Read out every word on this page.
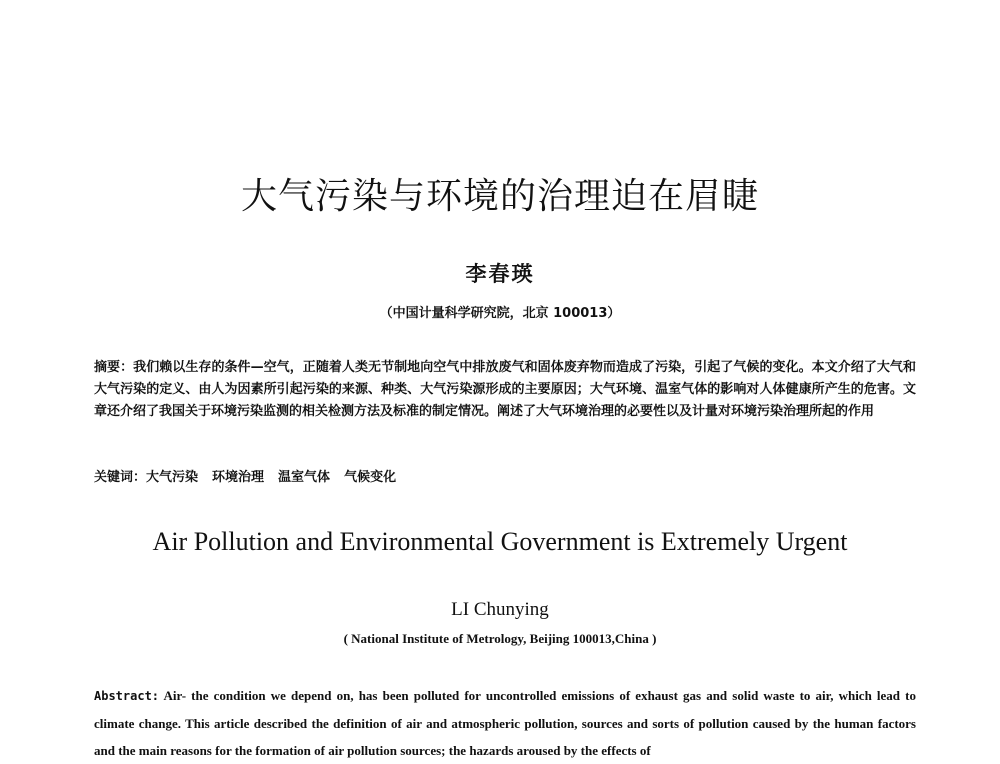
大气污染与环境的治理迫在眉睫
李春瑛
（中国计量科学研究院，北京 100013）
摘要：我们赖以生存的条件—空气，正随着人类无节制地向空气中排放废气和固体废弃物而造成了污染，引起了气候的变化。本文介绍了大气和大气污染的定义、由人为因素所引起污染的来源、种类、大气污染源形成的主要原因；大气环境、温室气体的影响对人体健康所产生的危害。文章还介绍了我国关于环境污染监测的相关检测方法及标准的制定情况。阐述了大气环境治理的必要性以及计量对环境污染治理所起的作用
关键词：大气污染 环境治理 温室气体 气候变化
Air Pollution and Environmental Government is Extremely Urgent
LI Chunying
( National Institute of Metrology, Beijing 100013,China )
Abstract: Air- the condition we depend on, has been polluted for uncontrolled emissions of exhaust gas and solid waste to air, which lead to climate change. This article described the definition of air and atmospheric pollution, sources and sorts of pollution caused by the human factors and the main reasons for the formation of air pollution sources; the hazards aroused by the effects of
